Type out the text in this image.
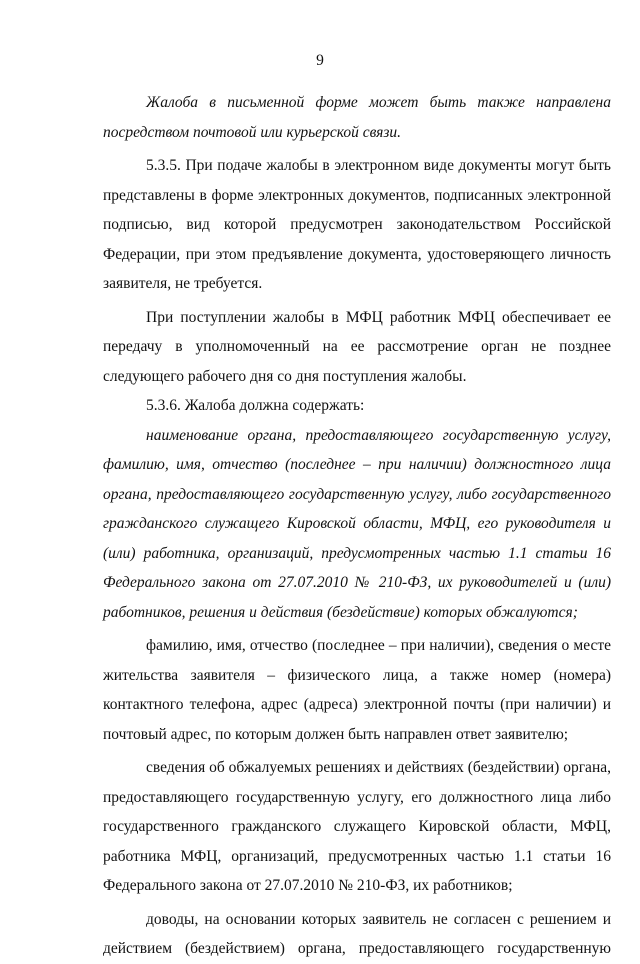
9

Жалоба в письменной форме может быть также направлена посредством почтовой или курьерской связи.

5.3.5. При подаче жалобы в электронном виде документы могут быть представлены в форме электронных документов, подписанных электронной подписью, вид которой предусмотрен законодательством Российской Федерации, при этом предъявление документа, удостоверяющего личность заявителя, не требуется.

При поступлении жалобы в МФЦ работник МФЦ обеспечивает ее передачу в уполномоченный на ее рассмотрение орган не позднее следующего рабочего дня со дня поступления жалобы.

5.3.6. Жалоба должна содержать:

наименование органа, предоставляющего государственную услугу, фамилию, имя, отчество (последнее – при наличии) должностного лица органа, предоставляющего государственную услугу, либо государственного гражданского служащего Кировской области, МФЦ, его руководителя и (или) работника, организаций, предусмотренных частью 1.1 статьи 16 Федерального закона от 27.07.2010 № 210-ФЗ, их руководителей и (или) работников, решения и действия (бездействие) которых обжалуются;

фамилию, имя, отчество (последнее – при наличии), сведения о месте жительства заявителя – физического лица, а также номер (номера) контактного телефона, адрес (адреса) электронной почты (при наличии) и почтовый адрес, по которым должен быть направлен ответ заявителю;

сведения об обжалуемых решениях и действиях (бездействии) органа, предоставляющего государственную услугу, его должностного лица либо государственного гражданского служащего Кировской области, МФЦ, работника МФЦ, организаций, предусмотренных частью 1.1 статьи 16 Федерального закона от 27.07.2010 № 210-ФЗ, их работников;

доводы, на основании которых заявитель не согласен с решением и действием (бездействием) органа, предоставляющего государственную
